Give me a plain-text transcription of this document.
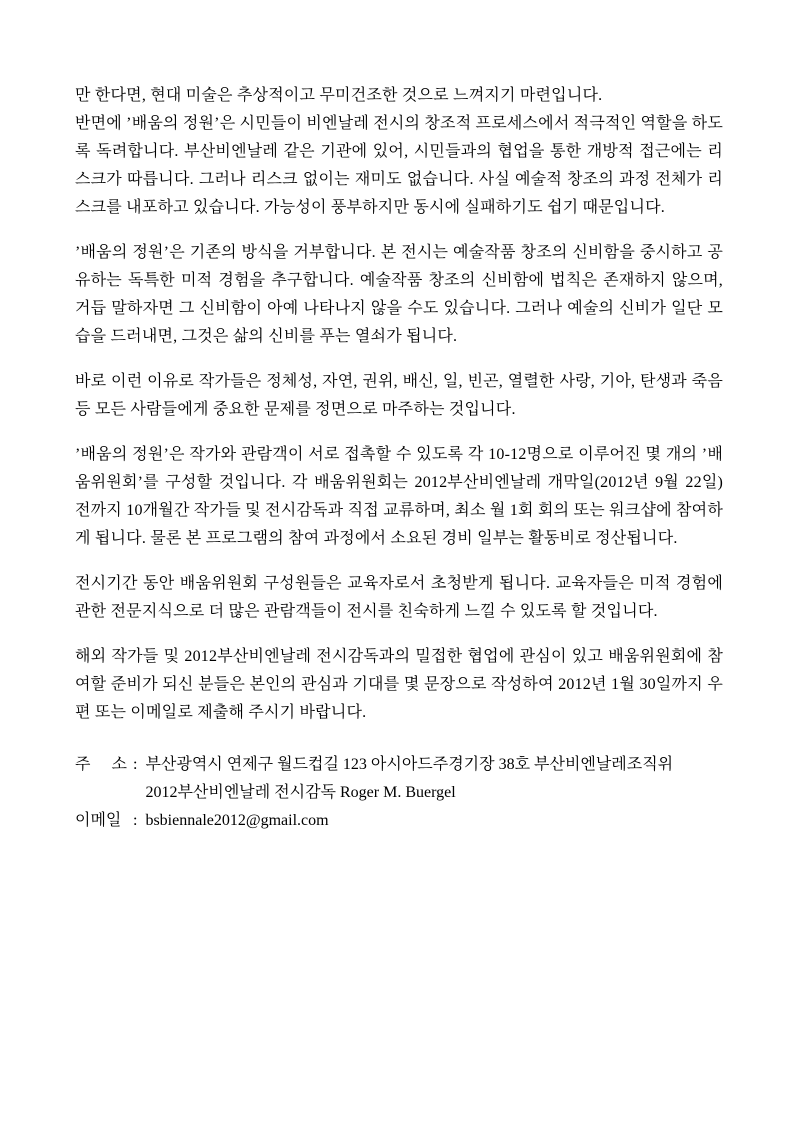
만 한다면, 현대 미술은 추상적이고 무미건조한 것으로 느껴지기 마련입니다.

반면에 ’배움의 정원’은 시민들이 비엔날레 전시의 창조적 프로세스에서 적극적인 역할을 하도록 독려합니다. 부산비엔날레 같은 기관에 있어, 시민들과의 협업을 통한 개방적 접근에는 리스크가 따릅니다. 그러나 리스크 없이는 재미도 없습니다. 사실 예술적 창조의 과정 전체가 리스크를 내포하고 있습니다. 가능성이 풍부하지만 동시에 실패하기도 쉽기 때문입니다.

’배움의 정원’은 기존의 방식을 거부합니다. 본 전시는 예술작품 창조의 신비함을 중시하고 공유하는 독특한 미적 경험을 추구합니다. 예술작품 창조의 신비함에 법칙은 존재하지 않으며, 거듭 말하자면 그 신비함이 아예 나타나지 않을 수도 있습니다. 그러나 예술의 신비가 일단 모습을 드러내면, 그것은 삶의 신비를 푸는 열쇠가 됩니다.

바로 이런 이유로 작가들은 정체성, 자연, 권위, 배신, 일, 빈곤, 열렬한 사랑, 기아, 탄생과 죽음 등 모든 사람들에게 중요한 문제를 정면으로 마주하는 것입니다.

’배움의 정원’은 작가와 관람객이 서로 접촉할 수 있도록 각 10-12명으로 이루어진 몇 개의 ’배움위원회’를 구성할 것입니다. 각 배움위원회는 2012부산비엔날레 개막일(2012년 9월 22일) 전까지 10개월간 작가들 및 전시감독과 직접 교류하며, 최소 월 1회 회의 또는 워크샵에 참여하게 됩니다. 물론 본 프로그램의 참여 과정에서 소요된 경비 일부는 활동비로 정산됩니다.

전시기간 동안 배움위원회 구성원들은 교육자로서 초청받게 됩니다. 교육자들은 미적 경험에 관한 전문지식으로 더 많은 관람객들이 전시를 친숙하게 느낄 수 있도록 할 것입니다.

해외 작가들 및 2012부산비엔날레 전시감독과의 밀접한 협업에 관심이 있고 배움위원회에 참여할 준비가 되신 분들은 본인의 관심과 기대를 몇 문장으로 작성하여 2012년 1월 30일까지 우편 또는 이메일로 제출해 주시기 바랍니다.

주 소 : 부산광역시 연제구 월드컵길 123 아시아드주경기장 38호 부산비엔날레조직위
2012부산비엔날레 전시감독 Roger M. Buergel
이메일 : bsbiennale2012@gmail.com
